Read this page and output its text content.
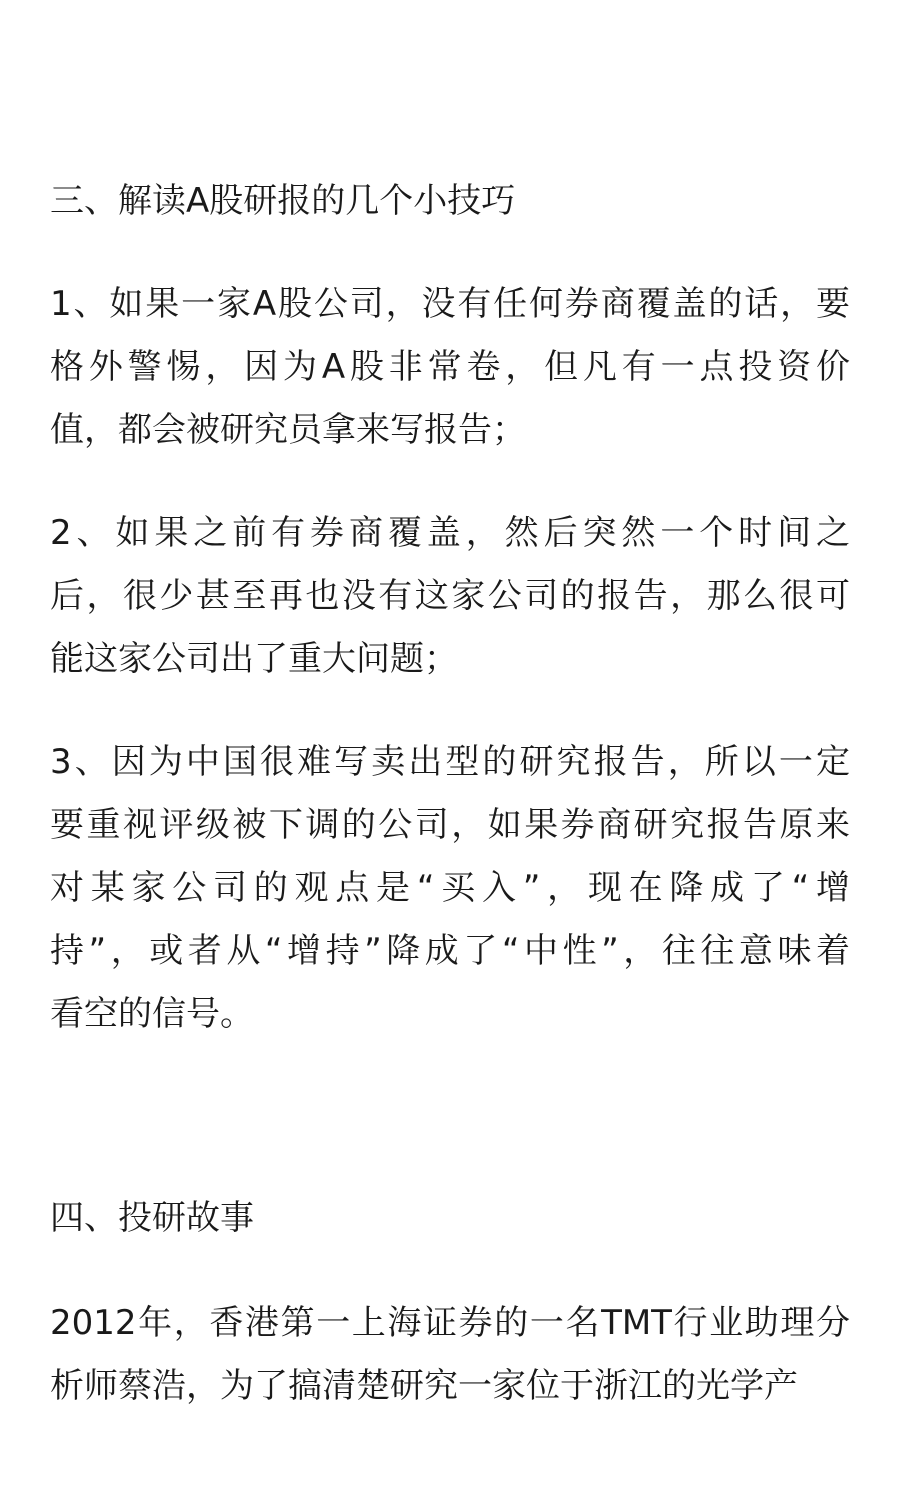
三、解读A股研报的几个小技巧
1、如果一家A股公司，没有任何券商覆盖的话，要
格外警惕，因为A股非常卷，但凡有一点投资价
值，都会被研究员拿来写报告；
2、如果之前有券商覆盖，然后突然一个时间之
后，很少甚至再也没有这家公司的报告，那么很可
能这家公司出了重大问题；
3、因为中国很难写卖出型的研究报告，所以一定
要重视评级被下调的公司，如果券商研究报告原来
对某家公司的观点是“买入”，现在降成了“增
持”，或者从“增持”降成了“中性”，往往意味着
看空的信号。
四、投研故事
2012年，香港第一上海证券的一名TMT行业助理分
析师蔡浩，为了搞清楚研究一家位于浙江的光学产
